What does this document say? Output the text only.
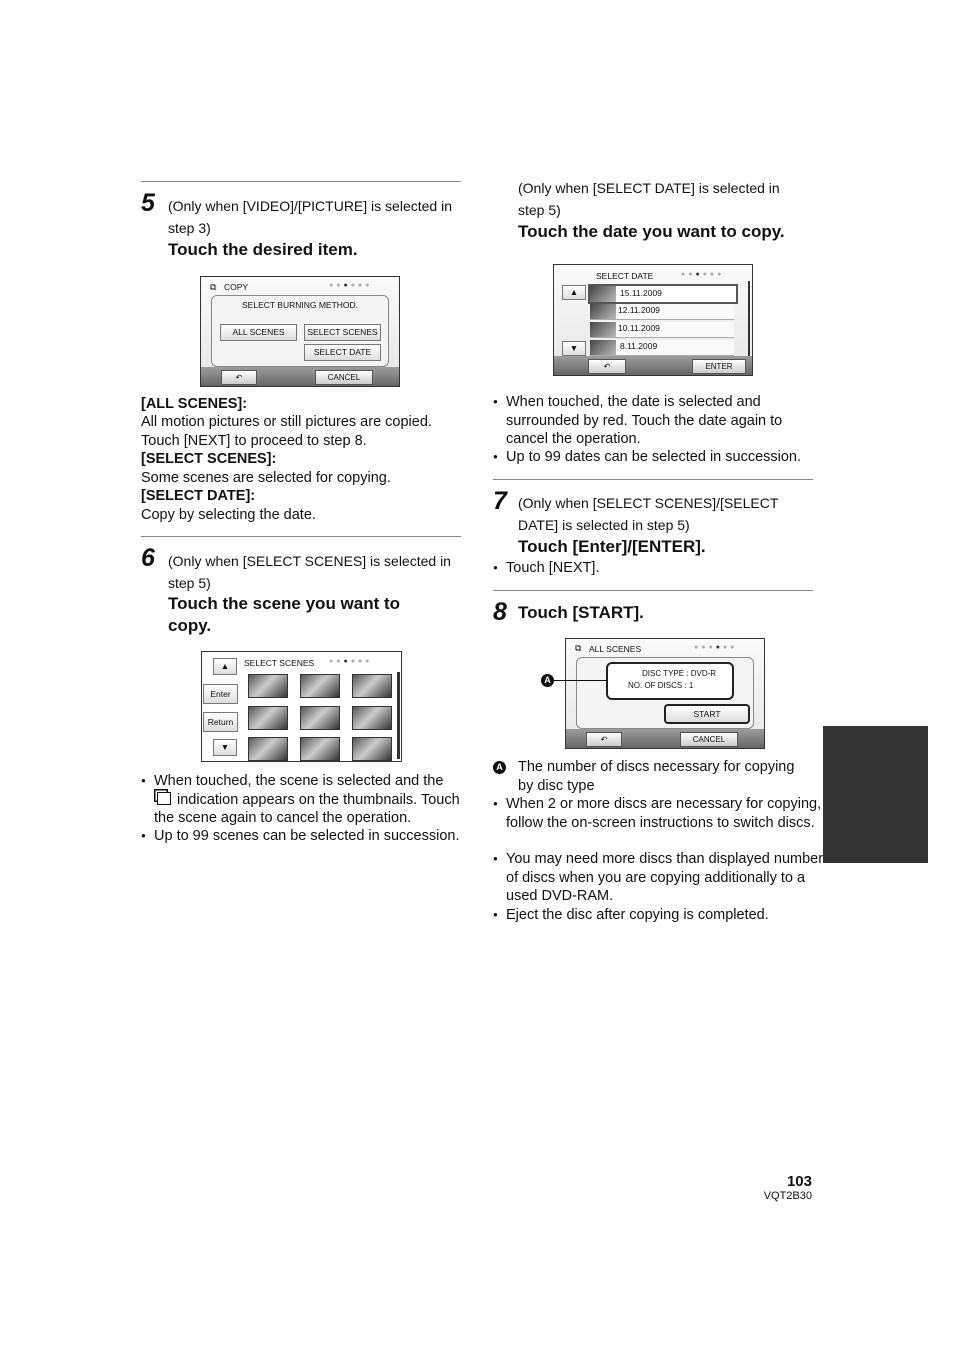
5 (Only when [VIDEO]/[PICTURE] is selected in step 3)
Touch the desired item.
⧉ COPY	●●●●●●
SELECT BURNING METHOD.
ALL SCENES	SELECT SCENES
SELECT DATE
↶	CANCEL
[ALL SCENES]:
All motion pictures or still pictures are copied. Touch [NEXT] to proceed to step 8.
[SELECT SCENES]:
Some scenes are selected for copying.
[SELECT DATE]:
Copy by selecting the date.
6 (Only when [SELECT SCENES] is selected in step 5)
Touch the scene you want to copy.
▲
Enter
Return
▼
SELECT SCENES ●●●●●●
● When touched, the scene is selected and the
indication appears on the thumbnails. Touch the scene again to cancel the operation.
● Up to 99 scenes can be selected in succession.
(Only when [SELECT DATE] is selected in step 5)
Touch the date you want to copy.
SELECT DATE	●●●●●●
▲
▼
15.11.2009
12.11.2009
10.11.2009
8.11.2009
↶	ENTER
● When touched, the date is selected and surrounded by red. Touch the date again to cancel the operation.
● Up to 99 dates can be selected in succession.
7 (Only when [SELECT SCENES]/[SELECT DATE] is selected in step 5)
Touch [Enter]/[ENTER].
● Touch [NEXT].
8 Touch [START].
⧉ ALL SCENES	●●●●●●
DISC TYPE : DVD-R
NO. OF DISCS : 1
START
↶	CANCEL
A
A The number of discs necessary for copying by disc type
● When 2 or more discs are necessary for copying, follow the on-screen instructions to switch discs.
● You may need more discs than displayed number of discs when you are copying additionally to a used DVD-RAM.
● Eject the disc after copying is completed.
103
VQT2B30
